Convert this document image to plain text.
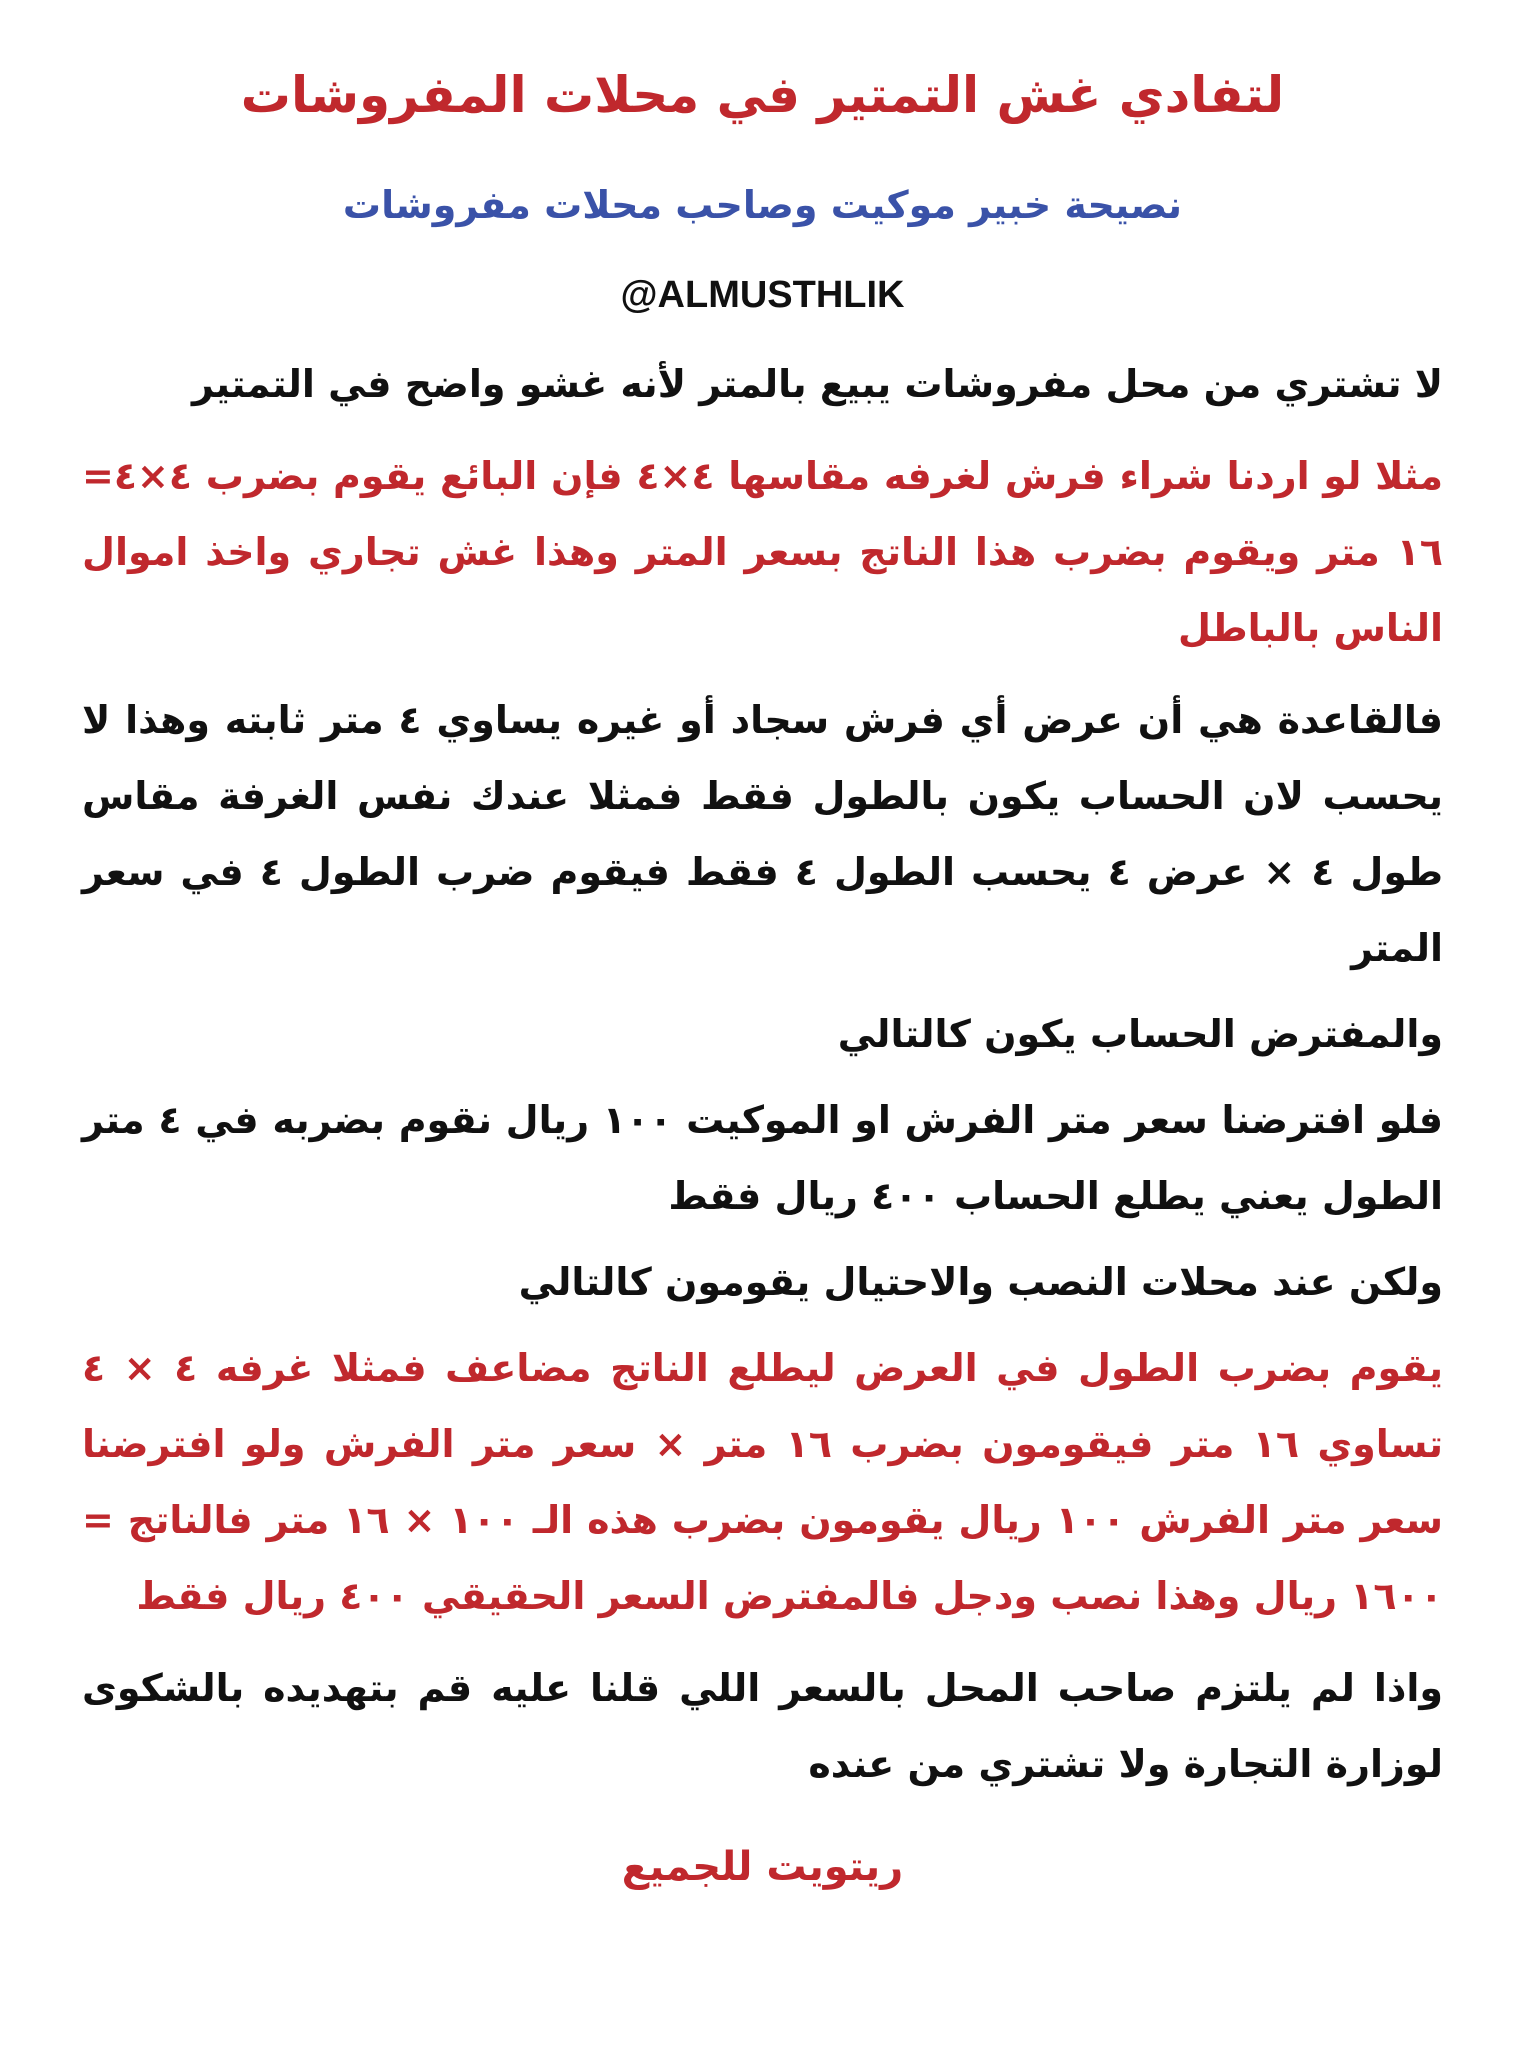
لتفادي غش التمتير في محلات المفروشات
نصيحة خبير موكيت وصاحب محلات مفروشات
@ALMUSTHLIK

لا تشتري من محل مفروشات يبيع بالمتر لأنه غشو واضح في التمتير

مثلا لو اردنا شراء فرش لغرفه مقاسها ٤×٤ فإن البائع يقوم بضرب ٤×٤= ١٦ متر ويقوم بضرب هذا الناتج بسعر المتر وهذا غش تجاري واخذ اموال الناس بالباطل

فالقاعدة هي أن عرض أي فرش سجاد أو غيره يساوي ٤ متر ثابته وهذا لا يحسب لان الحساب يكون بالطول فقط فمثلا عندك نفس الغرفة مقاس طول ٤ × عرض ٤ يحسب الطول ٤ فقط فيقوم ضرب الطول ٤ في سعر المتر

والمفترض الحساب يكون كالتالي

فلو افترضنا سعر متر الفرش او الموكيت ١٠٠ ريال نقوم بضربه في ٤ متر الطول يعني يطلع الحساب ٤٠٠ ريال فقط

ولكن عند محلات النصب والاحتيال يقومون كالتالي

يقوم بضرب الطول في العرض ليطلع الناتج مضاعف فمثلا غرفه ٤ × ٤ تساوي ١٦ متر فيقومون بضرب ١٦ متر × سعر متر الفرش ولو افترضنا سعر متر الفرش ١٠٠ ريال يقومون بضرب هذه الـ ١٠٠ × ١٦ متر فالناتج = ١٦٠٠ ريال وهذا نصب ودجل فالمفترض السعر الحقيقي ٤٠٠ ريال فقط

واذا لم يلتزم صاحب المحل بالسعر اللي قلنا عليه قم بتهديده بالشكوى لوزارة التجارة ولا تشتري من عنده

ريتويت للجميع
